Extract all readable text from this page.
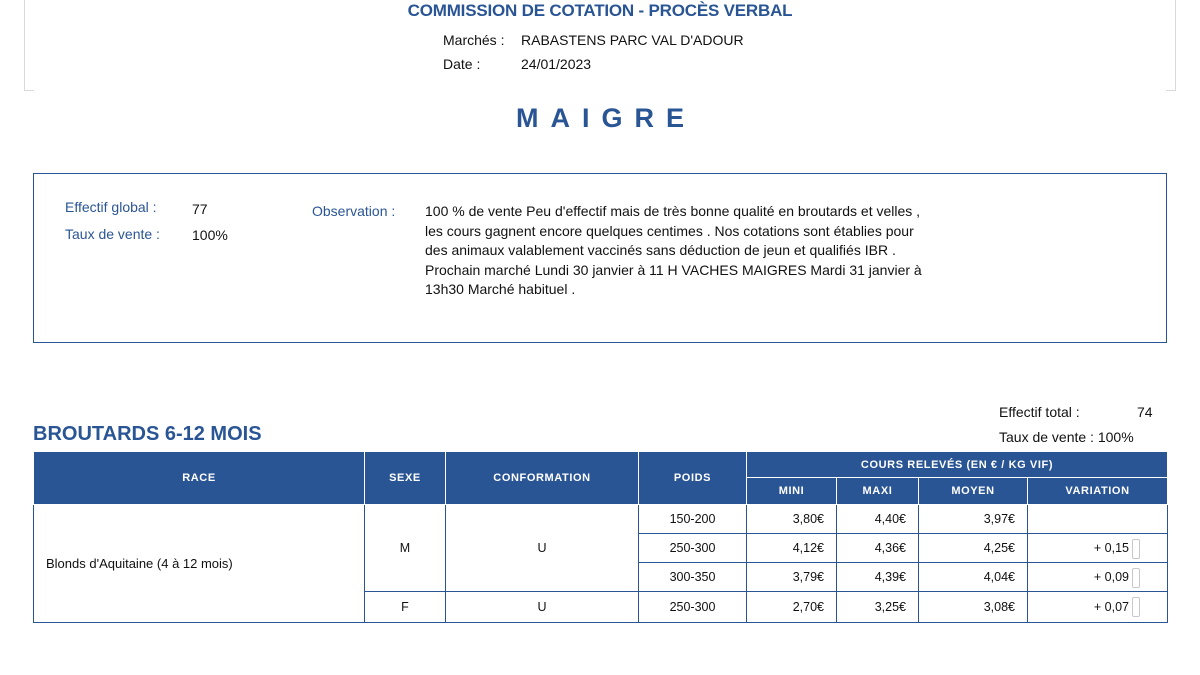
COMMISSION DE COTATION - PROCÈS VERBAL
Marchés : RABASTENS PARC VAL D'ADOUR
Date :	24/01/2023
MAIGRE
Effectif global :	77
Taux de vente : 100%
Observation : 100 % de vente Peu d'effectif mais de très bonne qualité en broutards et velles , les cours gagnent encore quelques centimes . Nos cotations sont établies pour des animaux valablement vaccinés sans déduction de jeun et qualifiés IBR . Prochain marché Lundi 30 janvier à 11 H VACHES MAIGRES Mardi 31 janvier à 13h30 Marché habituel .
BROUTARDS 6-12 MOIS
Effectif total :	74
Taux de vente : 100%
RACE	SEXE	CONFORMATION	POIDS	COURS RELEVÉS (EN € / KG VIF)			
				MINI	MAXI	MOYEN	VARIATION
Blonds d'Aquitaine (4 à 12 mois)	M	U	150-200	3,80€	4,40€	3,97€	
			250-300	4,12€	4,36€	4,25€	+ 0,15

			300-350	3,79€	4,39€	4,04€	+ 0,09

	F	U	250-300	2,70€	3,25€	3,08€	+ 0,07
